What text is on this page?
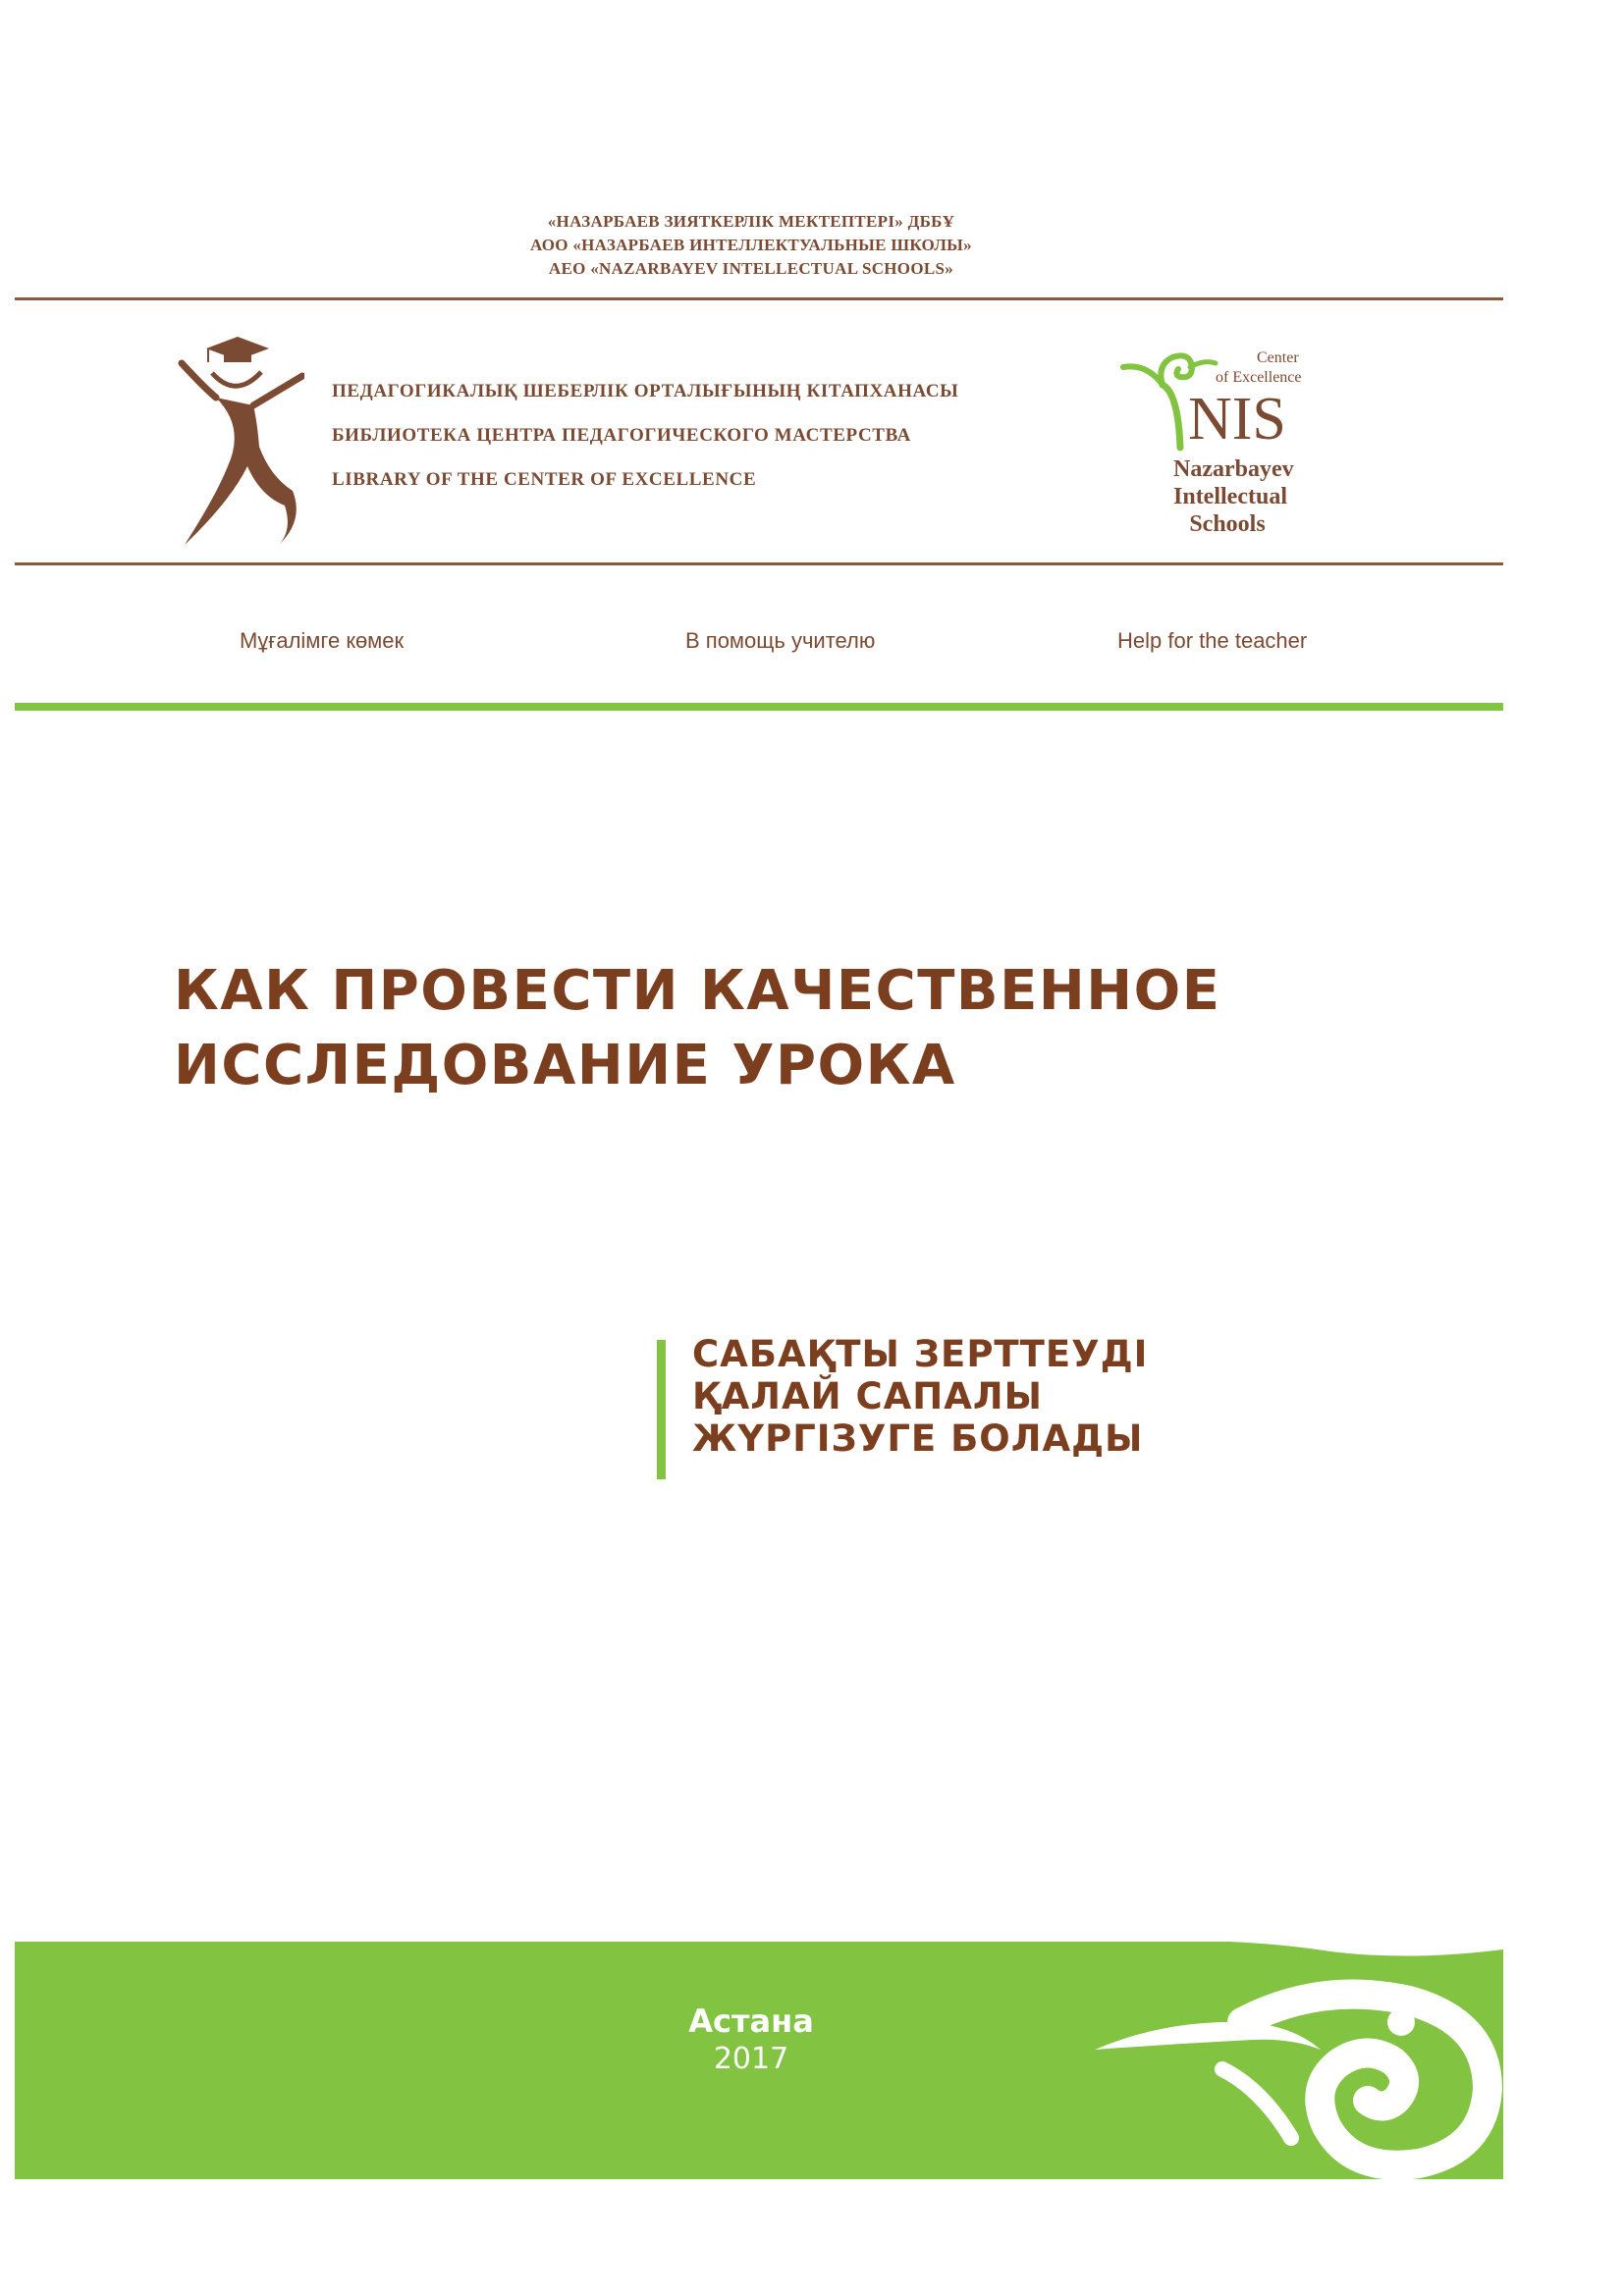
«НАЗАРБАЕВ ЗИЯТКЕРЛІК МЕКТЕПТЕРІ» ДББҰ
АОО «НАЗАРБАЕВ ИНТЕЛЛЕКТУАЛЬНЫЕ ШКОЛЫ»
АЕО «NAZARBAYEV INTELLECTUAL SCHOOLS»
ПЕДАГОГИКАЛЫҚ ШЕБЕРЛІК ОРТАЛЫҒЫНЫҢ КІТАПХАНАСЫ
БИБЛИОТЕКА ЦЕНТРА ПЕДАГОГИЧЕСКОГО МАСТЕРСТВА
LIBRARY OF THE CENTER OF EXCELLENCE
Center
of Excellence
NIS
Nazarbayev
Intellectual
Schools
Мұғалімге көмек	В помощь учителю	Help for the teacher
КАК ПРОВЕСТИ КАЧЕСТВЕННОЕ
ИССЛЕДОВАНИЕ УРОКА
САБАҚТЫ ЗЕРТТЕУДІ
ҚАЛАЙ САПАЛЫ
ЖҮРГІЗУГЕ БОЛАДЫ
Астана
2017
